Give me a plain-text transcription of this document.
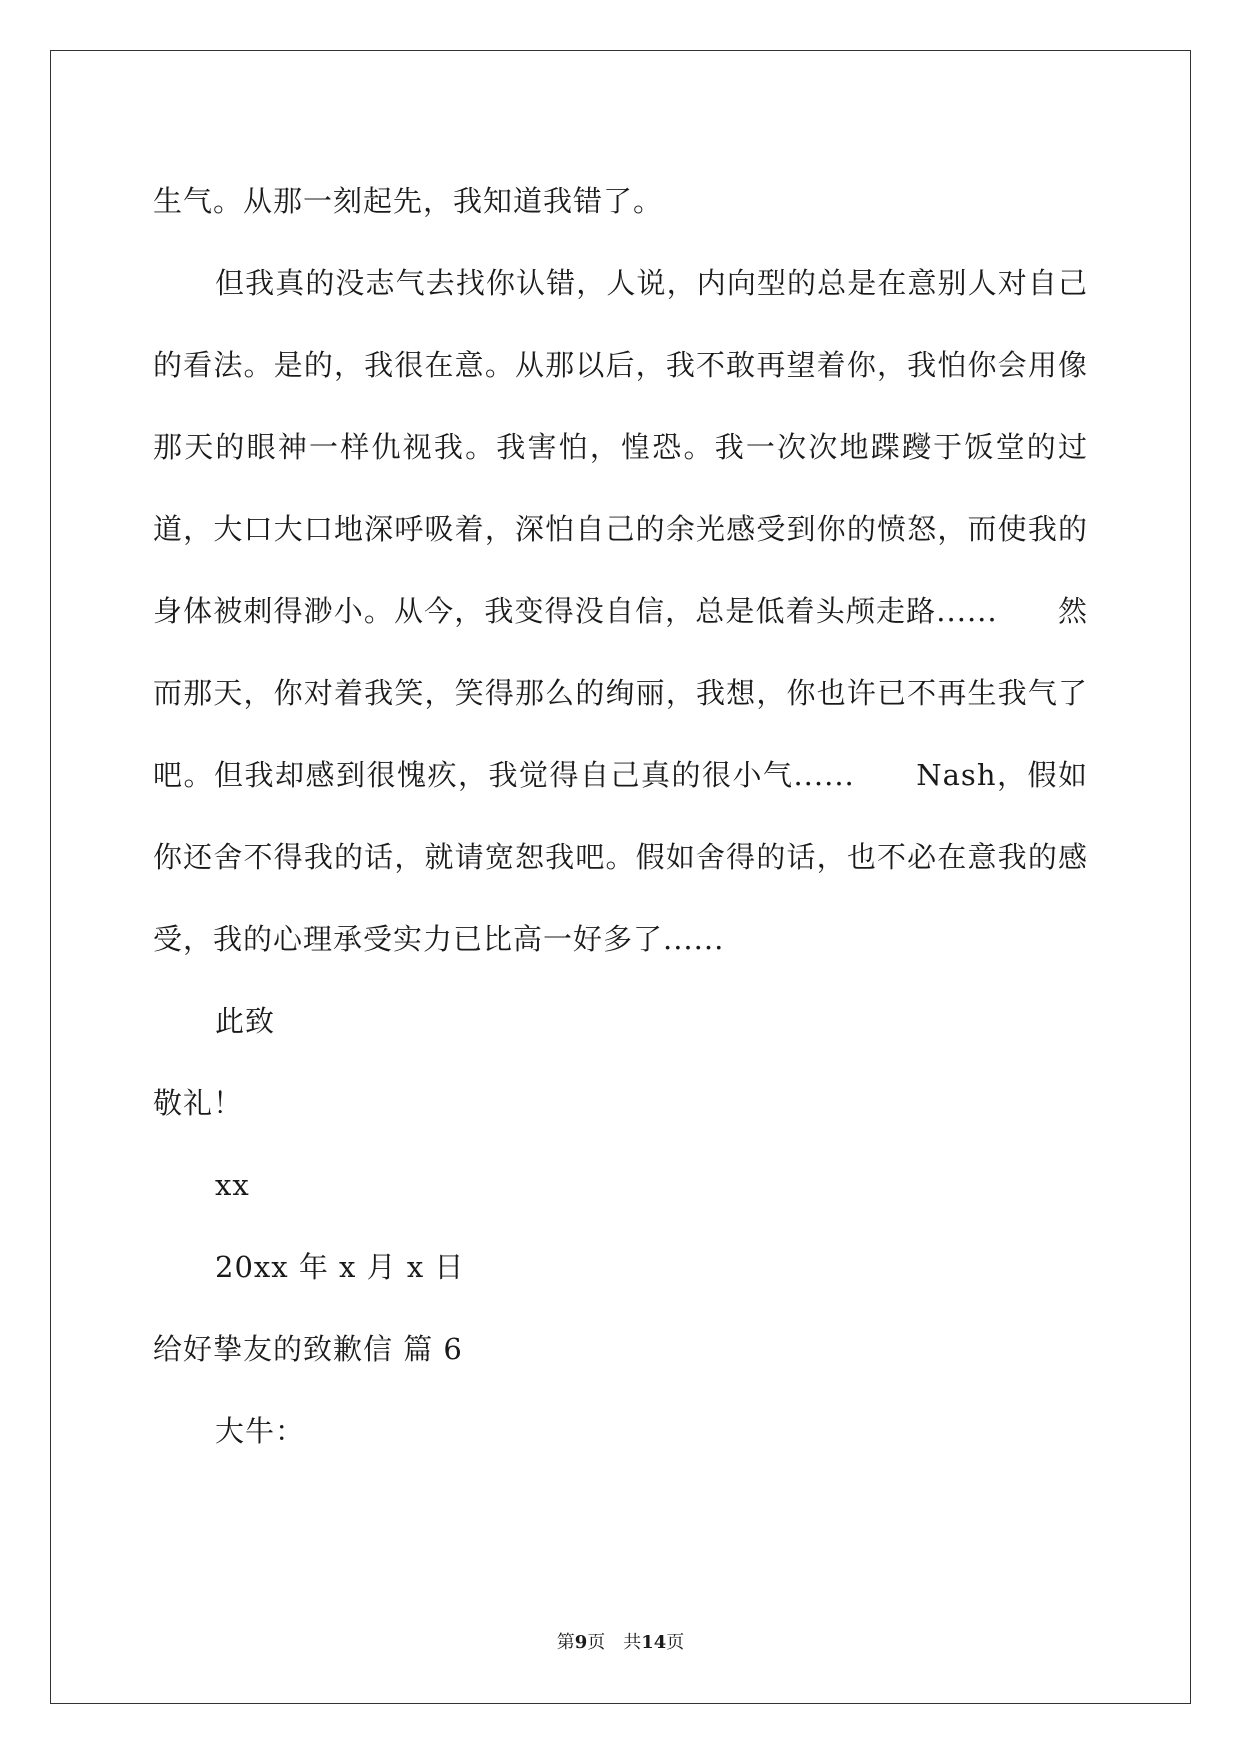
生气。从那一刻起先，我知道我错了。

但我真的没志气去找你认错，人说，内向型的总是在意别人对自己的看法。是的，我很在意。从那以后，我不敢再望着你，我怕你会用像那天的眼神一样仇视我。我害怕，惶恐。我一次次地蹀躞于饭堂的过道，大口大口地深呼吸着，深怕自己的余光感受到你的愤怒，而使我的身体被刺得渺小。从今，我变得没自信，总是低着头颅走路......　　然而那天，你对着我笑，笑得那么的绚丽，我想，你也许已不再生我气了吧。但我却感到很愧疚，我觉得自己真的很小气......　　Nash，假如你还舍不得我的话，就请宽恕我吧。假如舍得的话，也不必在意我的感受，我的心理承受实力已比高一好多了......

此致

敬礼！

xx

20xx 年 x 月 x 日

给好挚友的致歉信 篇 6

大牛：

第9页　共14页
